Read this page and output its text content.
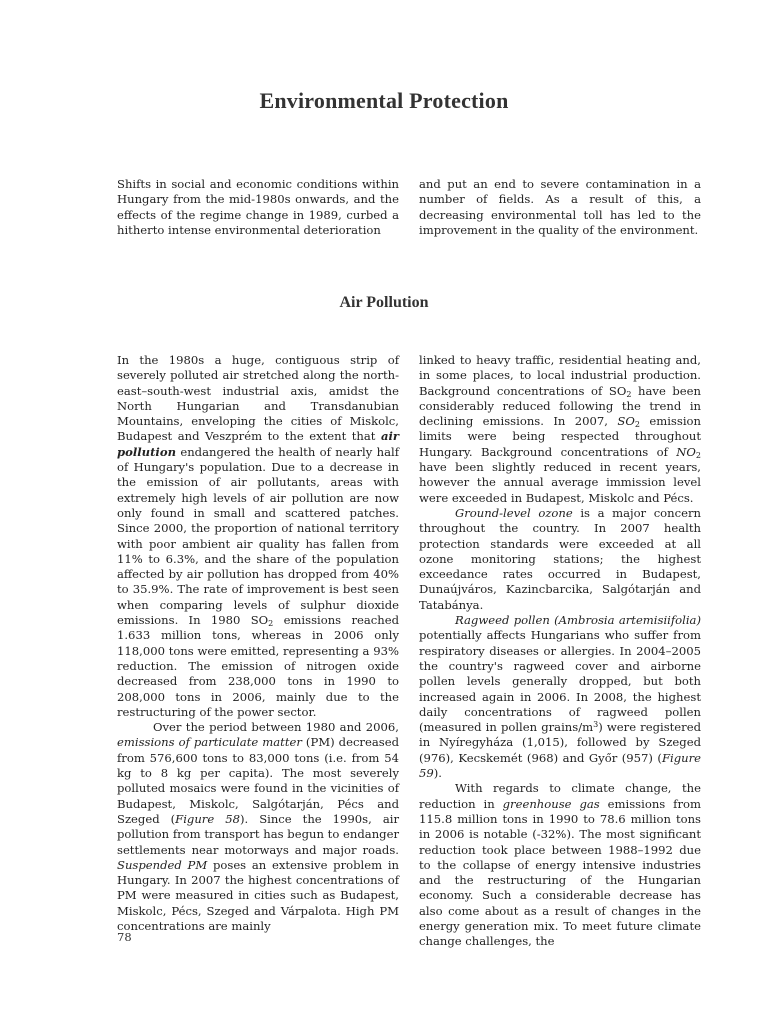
Environmental Protection

Shifts in social and economic conditions within Hungary from the mid-1980s onwards, and the effects of the regime change in 1989, curbed a hitherto intense environmental deterioration

and put an end to severe contamination in a number of fields. As a result of this, a decreasing environmental toll has led to the improvement in the quality of the environment.

Air Pollution

In the 1980s a huge, contiguous strip of severely polluted air stretched along the north-east–south-west industrial axis, amidst the North Hungarian and Transdanubian Mountains, enveloping the cities of Miskolc, Budapest and Veszprém to the extent that air pollution endangered the health of nearly half of Hungary's population. Due to a decrease in the emission of air pollutants, areas with extremely high levels of air pollution are now only found in small and scattered patches. Since 2000, the proportion of national territory with poor ambient air quality has fallen from 11% to 6.3%, and the share of the population affected by air pollution has dropped from 40% to 35.9%. The rate of improvement is best seen when comparing levels of sulphur dioxide emissions. In 1980 $SO_2$ emissions reached 1.633 million tons, whereas in 2006 only 118,000 tons were emitted, representing a 93% reduction. The emission of nitrogen oxide decreased from 238,000 tons in 1990 to 208,000 tons in 2006, mainly due to the restructuring of the power sector.

Over the period between 1980 and 2006, emissions of particulate matter (PM) decreased from 576,600 tons to 83,000 tons (i.e. from 54 kg to 8 kg per capita). The most severely polluted mosaics were found in the vicinities of Budapest, Miskolc, Salgótarján, Pécs and Szeged (Figure 58). Since the 1990s, air pollution from transport has begun to endanger settlements near motorways and major roads. Suspended PM poses an extensive problem in Hungary. In 2007 the highest concentrations of PM were measured in cities such as Budapest, Miskolc, Pécs, Szeged and Várpalota. High PM concentrations are mainly

linked to heavy traffic, residential heating and, in some places, to local industrial production. Background concentrations of $SO_2$ have been considerably reduced following the trend in declining emissions. In 2007, $SO_2$ emission limits were being respected throughout Hungary. Background concentrations of $NO_2$ have been slightly reduced in recent years, however the annual average immission level were exceeded in Budapest, Miskolc and Pécs.

Ground-level ozone is a major concern throughout the country. In 2007 health protection standards were exceeded at all ozone monitoring stations; the highest exceedance rates occurred in Budapest, Dunaújváros, Kazincbarcika, Salgótarján and Tatabánya.

Ragweed pollen (Ambrosia artemisiifolia) potentially affects Hungarians who suffer from respiratory diseases or allergies. In 2004–2005 the country's ragweed cover and airborne pollen levels generally dropped, but both increased again in 2006. In 2008, the highest daily concentrations of ragweed pollen (measured in pollen grains/$m^3$) were registered in Nyíregyháza (1,015), followed by Szeged (976), Kecskemét (968) and Győr (957) (Figure 59).

With regards to climate change, the reduction in greenhouse gas emissions from 115.8 million tons in 1990 to 78.6 million tons in 2006 is notable (-32%). The most significant reduction took place between 1988–1992 due to the collapse of energy intensive industries and the restructuring of the Hungarian economy. Such a considerable decrease has also come about as a result of changes in the energy generation mix. To meet future climate change challenges, the

78
